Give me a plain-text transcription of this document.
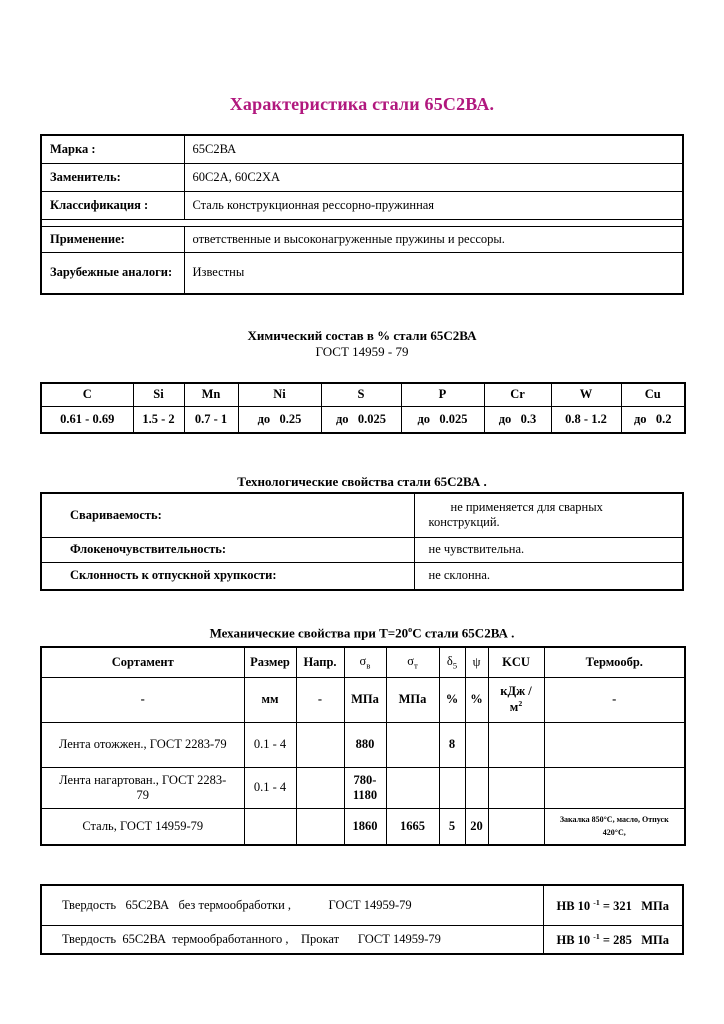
Характеристика стали 65С2ВА.
Марка :	65С2ВА
Заменитель:	60С2А, 60С2ХА
Классификация :	Сталь конструкционная рессорно-пружинная

Применение:	ответственные и высоконагруженные пружины и рессоры.
Зарубежные аналоги:	Известны
Химический состав в % стали 65С2ВА
ГОСТ 14959 - 79
C	Si	Mn	Ni	S	P	Cr	W	Cu
0.61 - 0.69	1.5 - 2	0.7 - 1	до   0.25	до   0.025	до   0.025	до   0.3	0.8 - 1.2	до   0.2
Технологические свойства стали 65С2ВА .
Свариваемость:	не применяется для сварных конструкций.
Флокеночувствительность:	не чувствительна.
Склонность к отпускной хрупкости:	не склонна.
Механические свойства при $Т=20^оС$ стали 65С2ВА .
Сортамент	Размер	Напр.	$\sigma_в$	$\sigma_т$	$\delta_5$	ψ	KCU	Термообр.
-	мм	-	МПа	МПа	%	%	кДж /
$м^2$	-
Лента отожжен., ГОСТ 2283-79	0.1 - 4		880		8			
Лента нагартован., ГОСТ 2283-79	0.1 - 4		780-1180					
Сталь, ГОСТ 14959-79			1860	1665	5	20		Закалка 850°С, масло, Отпуск 420°С,
Твердость   65С2ВА   без термообработки ,            ГОСТ 14959-79	НВ 10 $^{-1}$ = 321   МПа
Твердость  65С2ВА  термообработанного ,    Прокат      ГОСТ 14959-79	НВ 10 $^{-1}$ = 285   МПа
